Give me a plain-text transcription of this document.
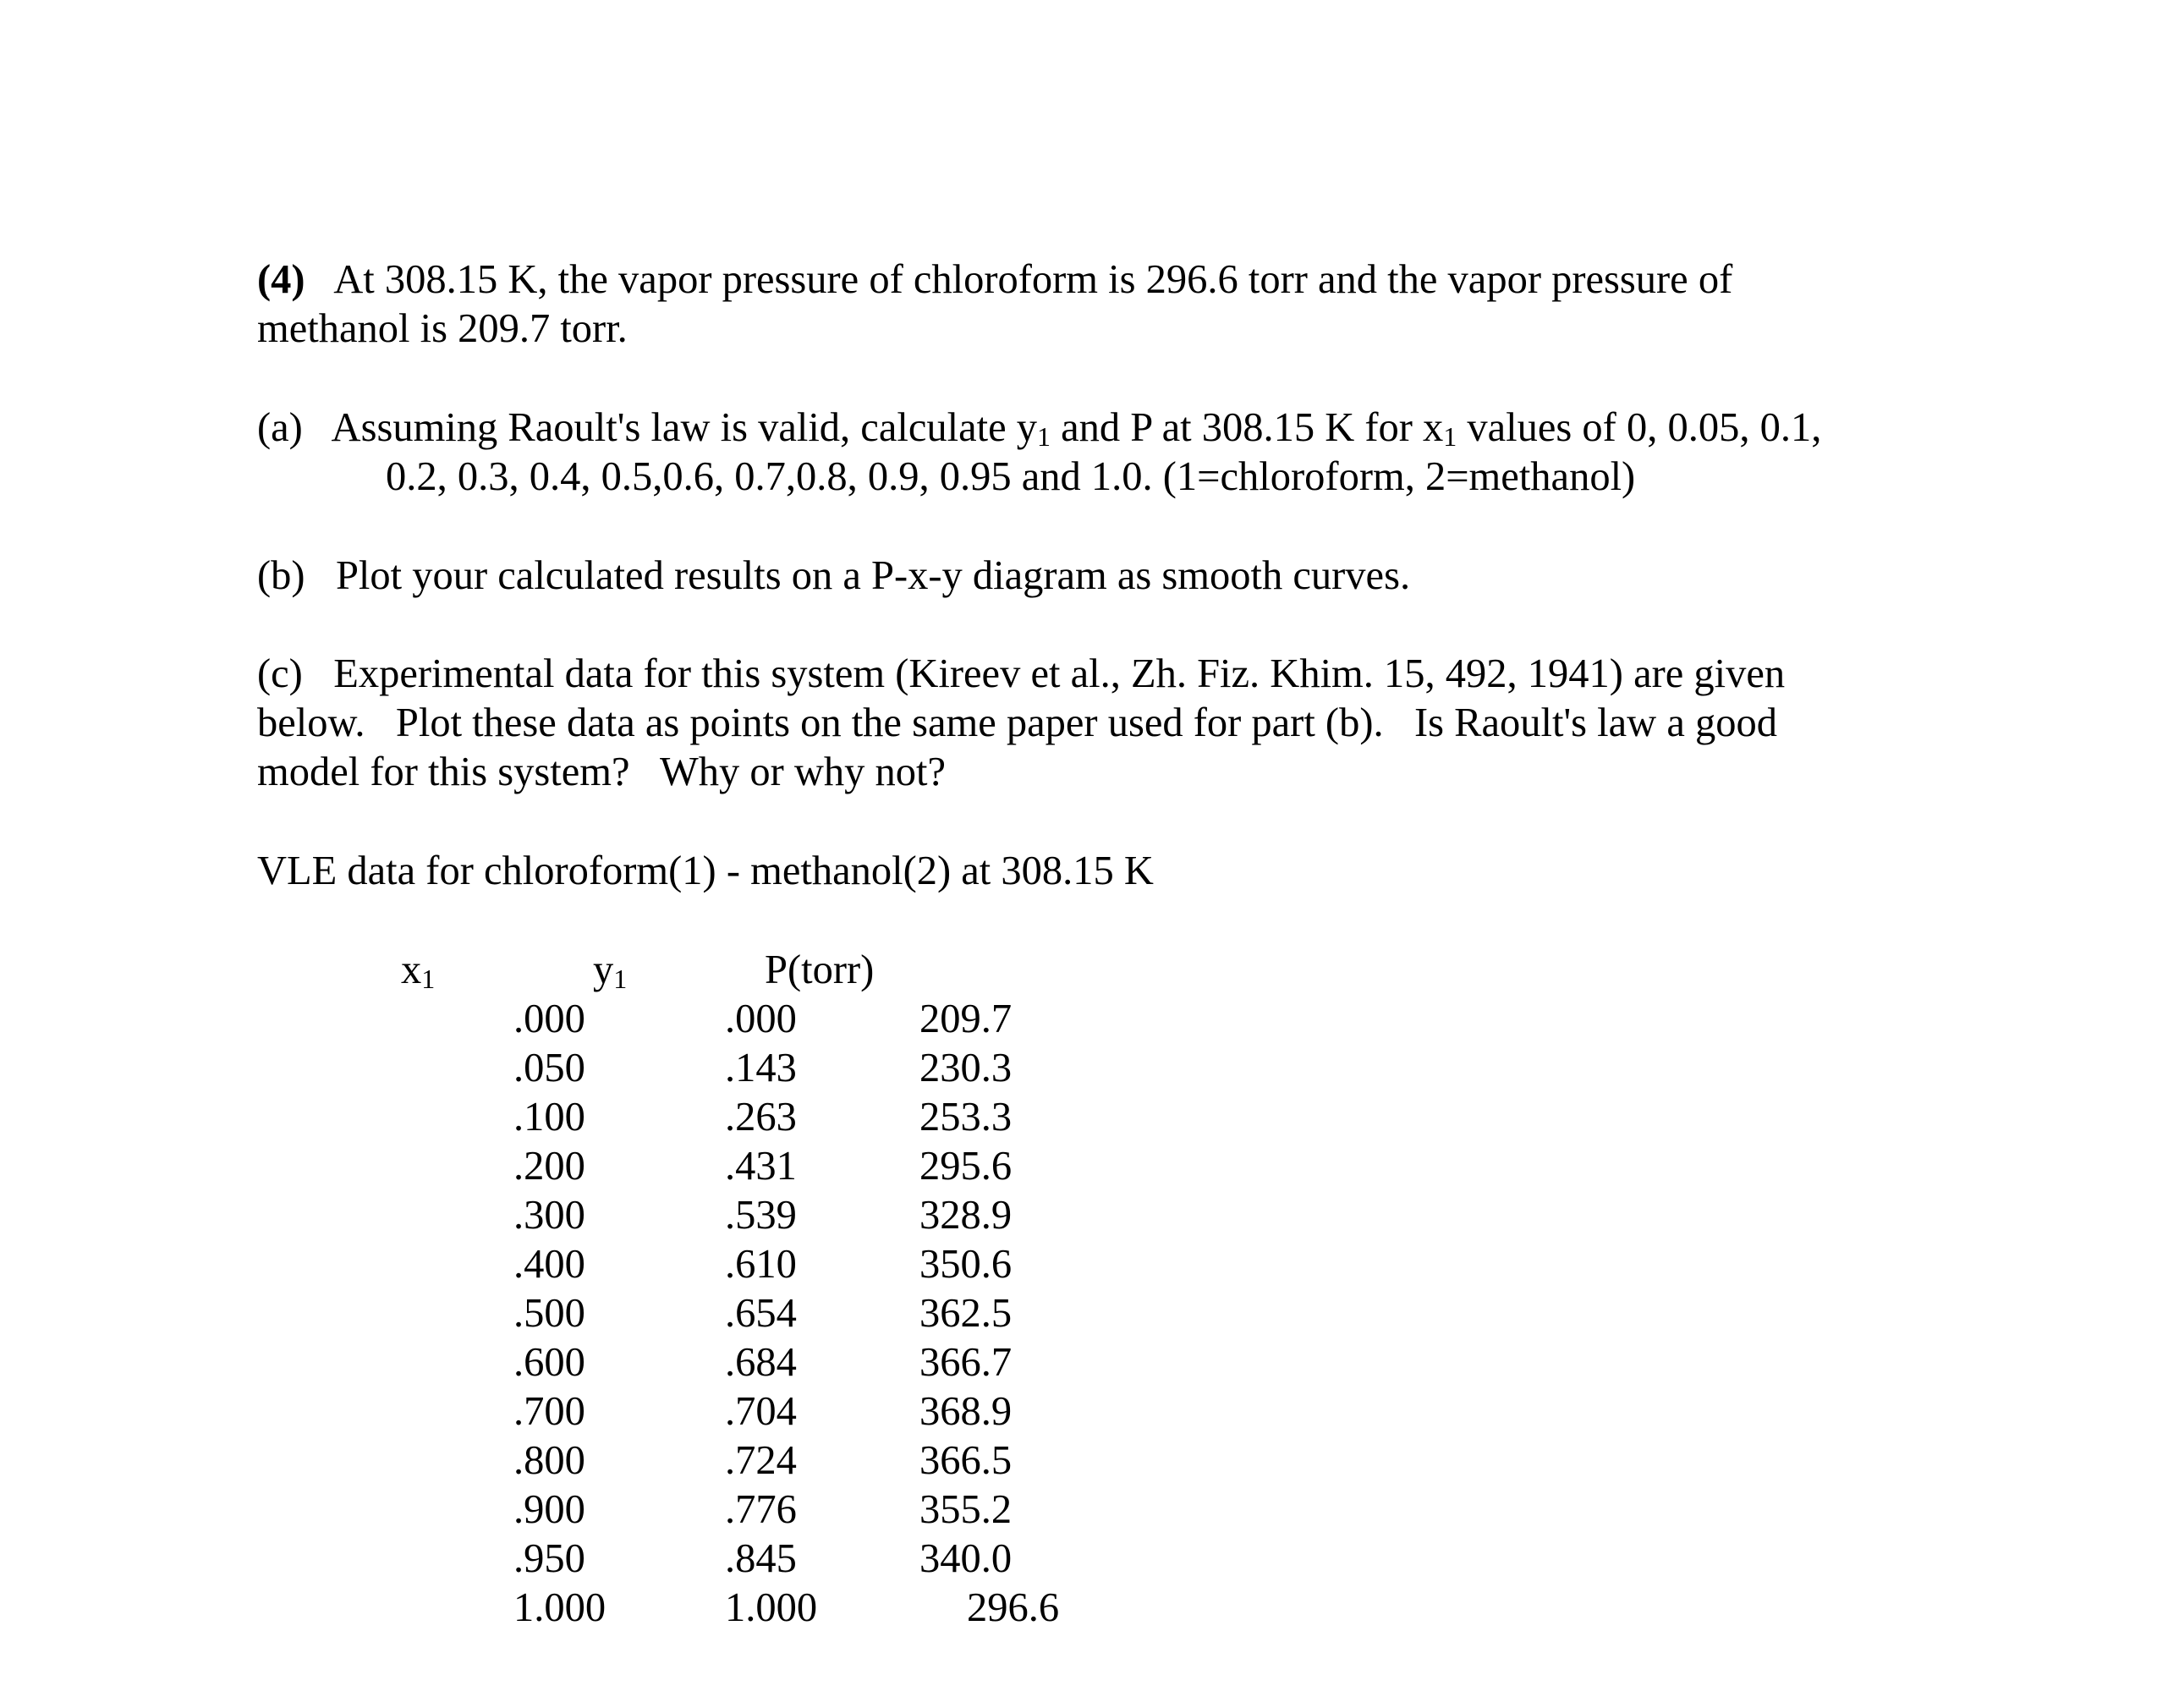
(4) At 308.15 K, the vapor pressure of chloroform is 296.6 torr and the vapor pressure of

methanol is 209.7 torr.

(a) Assuming Raoult's law is valid, calculate y1 and P at 308.15 K for x1 values of 0, 0.05, 0.1,

0.2, 0.3, 0.4, 0.5,0.6, 0.7,0.8, 0.9, 0.95 and 1.0. (1=chloroform, 2=methanol)

(b) Plot your calculated results on a P-x-y diagram as smooth curves.

(c) Experimental data for this system (Kireev et al., Zh. Fiz. Khim. 15, 492, 1941) are given

below.   Plot these data as points on the same paper used for part (b).   Is Raoult's law a good

model for this system?   Why or why not?

VLE data for chloroform(1) - methanol(2) at 308.15 K

x1	y1	P(torr)
.000	.000	209.7
.050	.143	230.3
.100	.263	253.3
.200	.431	295.6
.300	.539	328.9
.400	.610	350.6
.500	.654	362.5
.600	.684	366.7
.700	.704	368.9
.800	.724	366.5
.900	.776	355.2
.950	.845	340.0
1.000	1.000	296.6
